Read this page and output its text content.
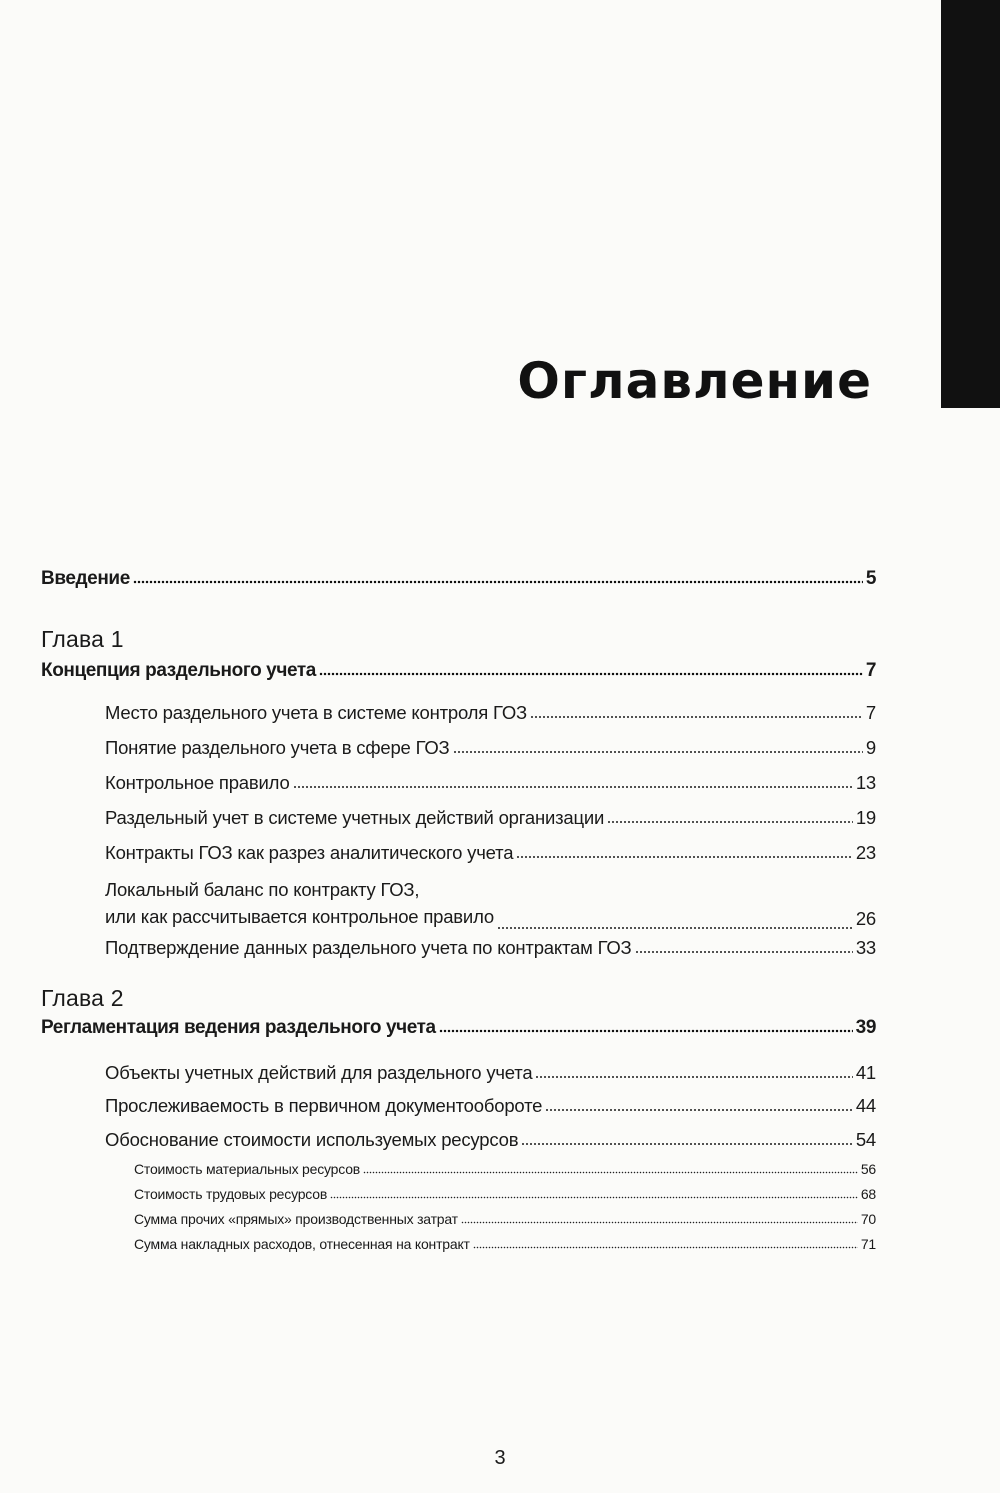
Оглавление
Введение	5
Глава 1
Концепция раздельного учета	7
Место раздельного учета в системе контроля ГОЗ	7
Понятие раздельного учета в сфере ГОЗ	9
Контрольное правило	13
Раздельный учет в системе учетных действий организации	19
Контракты ГОЗ как разрез аналитического учета	23
Локальный баланс по контракту ГОЗ,
или как рассчитывается контрольное правило	26
Подтверждение данных раздельного учета по контрактам ГОЗ	33
Глава 2
Регламентация ведения раздельного учета	39
Объекты учетных действий для раздельного учета	41
Прослеживаемость в первичном документообороте	44
Обоснование стоимости используемых ресурсов	54
Стоимость материальных ресурсов	56
Стоимость трудовых ресурсов	68
Сумма прочих «прямых» производственных затрат	70
Сумма накладных расходов, отнесенная на контракт	71
3
